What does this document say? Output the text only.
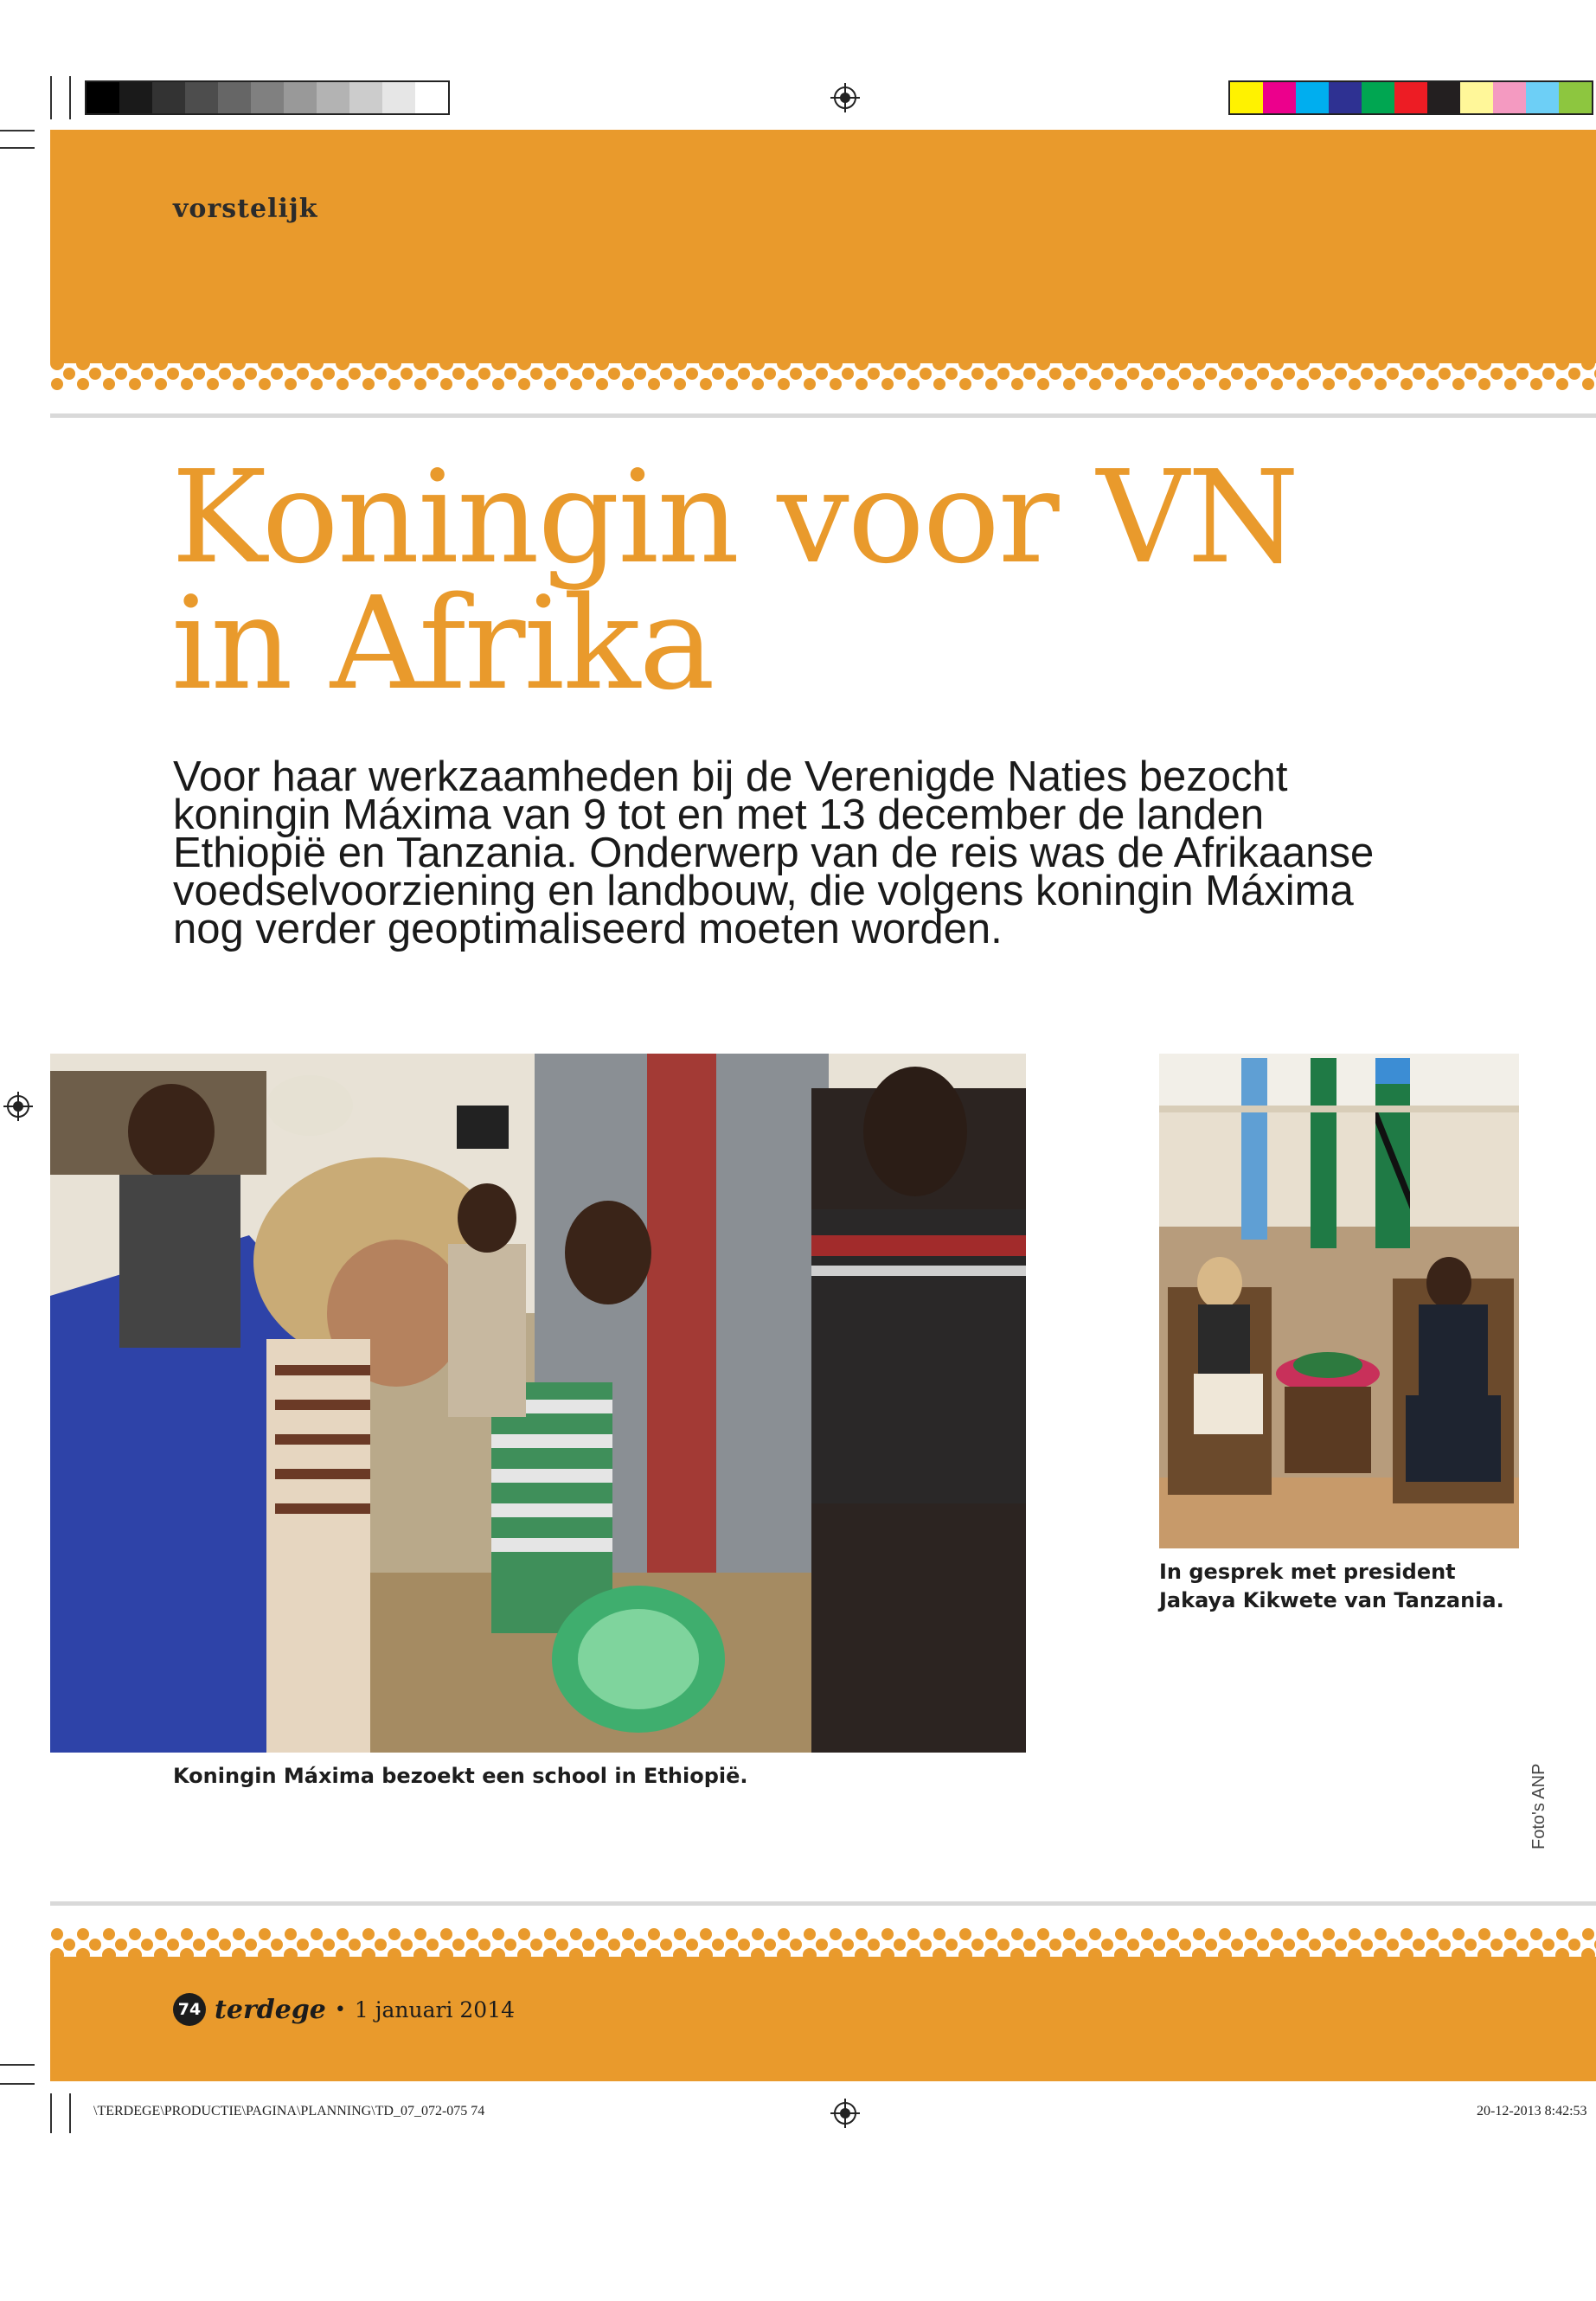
vorstelijk
Koningin voor VN
in Afrika
Voor haar werkzaamheden bij de Verenigde Naties bezocht koningin Máxima van 9 tot en met 13 december de landen Ethiopië en Tanzania. Onderwerp van de reis was de Afrikaanse voedselvoorziening en landbouw, die volgens koningin Máxima nog verder geoptimaliseerd moeten worden.
Koningin Máxima bezoekt een school in Ethiopië.
In gesprek met president Jakaya Kikwete van Tanzania.
Foto's ANP
74 terdege • 1 januari 2014
\TERDEGE\PRODUCTIE\PAGINA\PLANNING\TD_07_072-075 74	20-12-2013 8:42:53
